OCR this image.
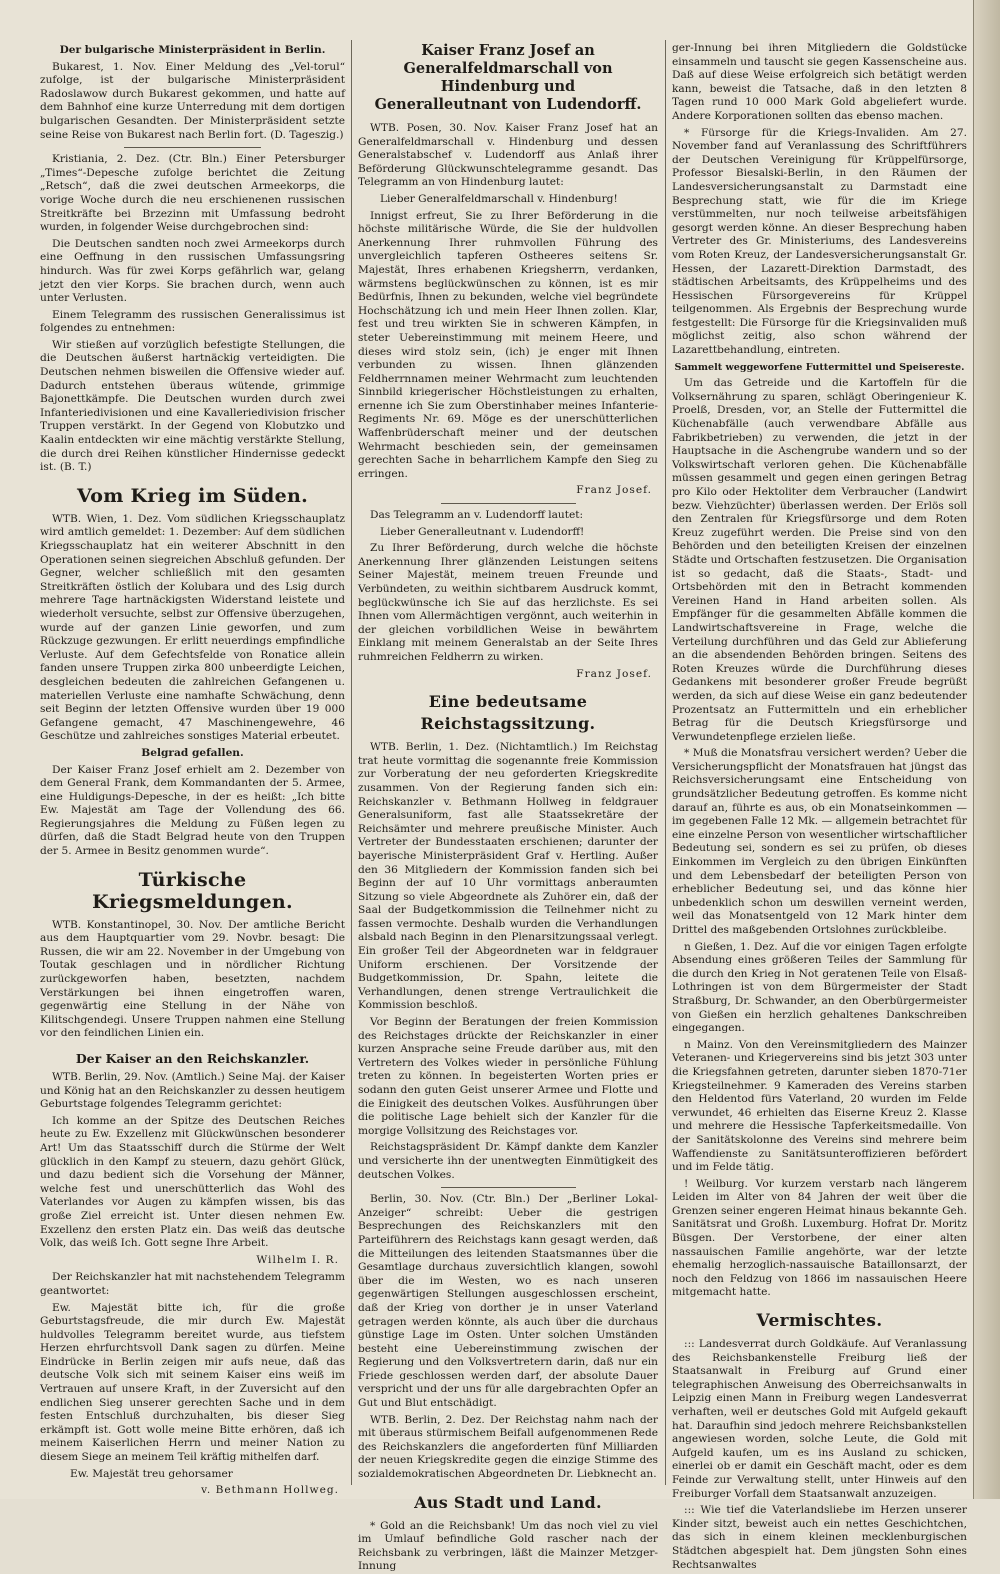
Der bulgarische Ministerpräsident in Berlin.

Bukarest, 1. Nov. Einer Meldung des „Vel-torul“ zufolge, ist der bulgarische Ministerpräsident Radoslawow durch Bukarest gekommen, und hatte auf dem Bahnhof eine kurze Unterredung mit dem dortigen bulgarischen Gesandten. Der Ministerpräsident setzte seine Reise von Bukarest nach Berlin fort. (D. Tageszig.)

Kristiania, 2. Dez. (Ctr. Bln.) Einer Petersburger „Times“-Depesche zufolge berichtet die Zeitung „Retsch“, daß die zwei deutschen Armeekorps, die vorige Woche durch die neu erschienenen russischen Streitkräfte bei Brzezinn mit Umfassung bedroht wurden, in folgender Weise durchgebrochen sind:

Die Deutschen sandten noch zwei Armeekorps durch eine Oeffnung in den russischen Umfassungsring hindurch. Was für zwei Korps gefährlich war, gelang jetzt den vier Korps. Sie brachen durch, wenn auch unter Verlusten.

Einem Telegramm des russischen Generalissimus ist folgendes zu entnehmen:

Wir stießen auf vorzüglich befestigte Stellungen, die die Deutschen äußerst hartnäckig verteidigten. Die Deutschen nehmen bisweilen die Offensive wieder auf. Dadurch entstehen überaus wütende, grimmige Bajonettkämpfe. Die Deutschen wurden durch zwei Infanteriedivisionen und eine Kavalleriedivision frischer Truppen verstärkt. In der Gegend von Klobutzko und Kaalin entdeckten wir eine mächtig verstärkte Stellung, die durch drei Reihen künstlicher Hindernisse gedeckt ist. (B. T.)

Vom Krieg im Süden.

WTB. Wien, 1. Dez. Vom südlichen Kriegsschauplatz wird amtlich gemeldet: 1. Dezember: Auf dem südlichen Kriegsschauplatz hat ein weiterer Abschnitt in den Operationen seinen siegreichen Abschluß gefunden. Der Gegner, welcher schließlich mit den gesamten Streitkräften östlich der Kolubara und des Lsig durch mehrere Tage hartnäckigsten Widerstand leistete und wiederholt versuchte, selbst zur Offensive überzugehen, wurde auf der ganzen Linie geworfen, und zum Rückzuge gezwungen. Er erlitt neuerdings empfindliche Verluste. Auf dem Gefechtsfelde von Ronatice allein fanden unsere Truppen zirka 800 unbeerdigte Leichen, desgleichen bedeuten die zahlreichen Gefangenen u. materiellen Verluste eine namhafte Schwächung, denn seit Beginn der letzten Offensive wurden über 19 000 Gefangene gemacht, 47 Maschinengewehre, 46 Geschütze und zahlreiches sonstiges Material erbeutet.

Belgrad gefallen.

Der Kaiser Franz Josef erhielt am 2. Dezember von dem General Frank, dem Kommandanten der 5. Armee, eine Huldigungs-Depesche, in der es heißt: „Ich bitte Ew. Majestät am Tage der Vollendung des 66. Regierungsjahres die Meldung zu Füßen legen zu dürfen, daß die Stadt Belgrad heute von den Truppen der 5. Armee in Besitz genommen wurde“.

Türkische Kriegsmeldungen.

WTB. Konstantinopel, 30. Nov. Der amtliche Bericht aus dem Hauptquartier vom 29. Novbr. besagt: Die Russen, die wir am 22. November in der Umgebung von Toutak geschlagen und in nördlicher Richtung zurückgeworfen haben, besetzten, nachdem Verstärkungen bei ihnen eingetroffen waren, gegenwärtig eine Stellung in der Nähe von Kilitschgendegi. Unsere Truppen nahmen eine Stellung vor den feindlichen Linien ein.

Der Kaiser an den Reichskanzler.

WTB. Berlin, 29. Nov. (Amtlich.) Seine Maj. der Kaiser und König hat an den Reichskanzler zu dessen heutigem Geburtstage folgendes Telegramm gerichtet:

Ich komme an der Spitze des Deutschen Reiches heute zu Ew. Exzellenz mit Glückwünschen besonderer Art! Um das Staatsschiff durch die Stürme der Welt glücklich in den Kampf zu steuern, dazu gehört Glück, und dazu bedient sich die Vorsehung der Männer, welche fest und unerschütterlich das Wohl des Vaterlandes vor Augen zu kämpfen wissen, bis das große Ziel erreicht ist. Unter diesen nehmen Ew. Exzellenz den ersten Platz ein. Das weiß das deutsche Volk, das weiß Ich. Gott segne Ihre Arbeit.

Wilhelm I. R.

Der Reichskanzler hat mit nachstehendem Telegramm geantwortet:

Ew. Majestät bitte ich, für die große Geburtstagsfreude, die mir durch Ew. Majestät huldvolles Telegramm bereitet wurde, aus tiefstem Herzen ehrfurchtsvoll Dank sagen zu dürfen. Meine Eindrücke in Berlin zeigen mir aufs neue, daß das deutsche Volk sich mit seinem Kaiser eins weiß im Vertrauen auf unsere Kraft, in der Zuversicht auf den endlichen Sieg unserer gerechten Sache und in dem festen Entschluß durchzuhalten, bis dieser Sieg erkämpft ist. Gott wolle meine Bitte erhören, daß ich meinem Kaiserlichen Herrn und meiner Nation zu diesem Siege an meinem Teil kräftig mithelfen darf.

Ew. Majestät treu gehorsamer

v. Bethmann Hollweg.

Kaiser Franz Josef an
Generalfeldmarschall von Hindenburg und
Generalleutnant von Ludendorff.

WTB. Posen, 30. Nov. Kaiser Franz Josef hat an Generalfeldmarschall v. Hindenburg und dessen Generalstabschef v. Ludendorff aus Anlaß ihrer Beförderung Glückwunschtelegramme gesandt. Das Telegramm an von Hindenburg lautet:

Lieber Generalfeldmarschall v. Hindenburg!

Innigst erfreut, Sie zu Ihrer Beförderung in die höchste militärische Würde, die Sie der huldvollen Anerkennung Ihrer ruhmvollen Führung des unvergleichlich tapferen Ostheeres seitens Sr. Majestät, Ihres erhabenen Kriegsherrn, verdanken, wärmstens beglückwünschen zu können, ist es mir Bedürfnis, Ihnen zu bekunden, welche viel begründete Hochschätzung ich und mein Heer Ihnen zollen. Klar, fest und treu wirkten Sie in schweren Kämpfen, in steter Uebereinstimmung mit meinem Heere, und dieses wird stolz sein, (ich) je enger mit Ihnen verbunden zu wissen. Ihnen glänzenden Feldherrnnamen meiner Wehrmacht zum leuchtenden Sinnbild kriegerischer Höchstleistungen zu erhalten, ernenne ich Sie zum Oberstinhaber meines Infanterie-Regiments Nr. 69. Möge es der unerschütterlichen Waffenbrüderschaft meiner und der deutschen Wehrmacht beschieden sein, der gemeinsamen gerechten Sache in beharrlichem Kampfe den Sieg zu erringen.

Franz Josef.

Das Telegramm an v. Ludendorff lautet:

Lieber Generalleutnant v. Ludendorff!

Zu Ihrer Beförderung, durch welche die höchste Anerkennung Ihrer glänzenden Leistungen seitens Seiner Majestät, meinem treuen Freunde und Verbündeten, zu weithin sichtbarem Ausdruck kommt, beglückwünsche ich Sie auf das herzlichste. Es sei Ihnen vom Allermächtigen vergönnt, auch weiterhin in der gleichen vorbildlichen Weise in bewährtem Einklang mit meinem Generalstab an der Seite Ihres ruhmreichen Feldherrn zu wirken.

Franz Josef.

Eine bedeutsame Reichstagssitzung.

WTB. Berlin, 1. Dez. (Nichtamtlich.) Im Reichstag trat heute vormittag die sogenannte freie Kommission zur Vorberatung der neu geforderten Kriegskredite zusammen. Von der Regierung fanden sich ein: Reichskanzler v. Bethmann Hollweg in feldgrauer Generalsuniform, fast alle Staatssekretäre der Reichsämter und mehrere preußische Minister. Auch Vertreter der Bundesstaaten erschienen; darunter der bayerische Ministerpräsident Graf v. Hertling. Außer den 36 Mitgliedern der Kommission fanden sich bei Beginn der auf 10 Uhr vormittags anberaumten Sitzung so viele Abgeordnete als Zuhörer ein, daß der Saal der Budgetkommission die Teilnehmer nicht zu fassen vermochte. Deshalb wurden die Verhandlungen alsbald nach Beginn in den Plenarsitzungssaal verlegt. Ein großer Teil der Abgeordneten war in feldgrauer Uniform erschienen. Der Vorsitzende der Budgetkommission, Dr. Spahn, leitete die Verhandlungen, denen strenge Vertraulichkeit die Kommission beschloß.

Vor Beginn der Beratungen der freien Kommission des Reichstages drückte der Reichskanzler in einer kurzen Ansprache seine Freude darüber aus, mit den Vertretern des Volkes wieder in persönliche Fühlung treten zu können. In begeisterten Worten pries er sodann den guten Geist unserer Armee und Flotte und die Einigkeit des deutschen Volkes. Ausführungen über die politische Lage behielt sich der Kanzler für die morgige Vollsitzung des Reichstages vor.

Reichstagspräsident Dr. Kämpf dankte dem Kanzler und versicherte ihn der unentwegten Einmütigkeit des deutschen Volkes.

Berlin, 30. Nov. (Ctr. Bln.) Der „Berliner Lokal-Anzeiger“ schreibt: Ueber die gestrigen Besprechungen des Reichskanzlers mit den Parteiführern des Reichstags kann gesagt werden, daß die Mitteilungen des leitenden Staatsmannes über die Gesamtlage durchaus zuversichtlich klangen, sowohl über die im Westen, wo es nach unseren gegenwärtigen Stellungen ausgeschlossen erscheint, daß der Krieg von dorther je in unser Vaterland getragen werden könnte, als auch über die durchaus günstige Lage im Osten. Unter solchen Umständen besteht eine Uebereinstimmung zwischen der Regierung und den Volksvertretern darin, daß nur ein Friede geschlossen werden darf, der absolute Dauer verspricht und der uns für alle dargebrachten Opfer an Gut und Blut entschädigt.

WTB. Berlin, 2. Dez. Der Reichstag nahm nach der mit überaus stürmischem Beifall aufgenommenen Rede des Reichskanzlers die angeforderten fünf Milliarden der neuen Kriegskredite gegen die einzige Stimme des sozialdemokratischen Abgeordneten Dr. Liebknecht an.

Aus Stadt und Land.

* Gold an die Reichsbank! Um das noch viel zu viel im Umlauf befindliche Gold rascher nach der Reichsbank zu verbringen, läßt die Mainzer Metzger-Innung

ger-Innung bei ihren Mitgliedern die Goldstücke einsammeln und tauscht sie gegen Kassenscheine aus. Daß auf diese Weise erfolgreich sich betätigt werden kann, beweist die Tatsache, daß in den letzten 8 Tagen rund 10 000 Mark Gold abgeliefert wurde. Andere Korporationen sollten das ebenso machen.

* Fürsorge für die Kriegs-Invaliden. Am 27. November fand auf Veranlassung des Schriftführers der Deutschen Vereinigung für Krüppelfürsorge, Professor Biesalski-Berlin, in den Räumen der Landesversicherungsanstalt zu Darmstadt eine Besprechung statt, wie für die im Kriege verstümmelten, nur noch teilweise arbeitsfähigen gesorgt werden könne. An dieser Besprechung haben Vertreter des Gr. Ministeriums, des Landesvereins vom Roten Kreuz, der Landesversicherungsanstalt Gr. Hessen, der Lazarett-Direktion Darmstadt, des städtischen Arbeitsamts, des Krüppelheims und des Hessischen Fürsorgevereins für Krüppel teilgenommen. Als Ergebnis der Besprechung wurde festgestellt: Die Fürsorge für die Kriegsinvaliden muß möglichst zeitig, also schon während der Lazarettbehandlung, eintreten.

Sammelt weggeworfene Futtermittel und Speisereste.

Um das Getreide und die Kartoffeln für die Volksernährung zu sparen, schlägt Oberingenieur K. Proelß, Dresden, vor, an Stelle der Futtermittel die Küchenabfälle (auch verwendbare Abfälle aus Fabrikbetrieben) zu verwenden, die jetzt in der Hauptsache in die Aschengrube wandern und so der Volkswirtschaft verloren gehen. Die Küchenabfälle müssen gesammelt und gegen einen geringen Betrag pro Kilo oder Hektoliter dem Verbraucher (Landwirt bezw. Viehzüchter) überlassen werden. Der Erlös soll den Zentralen für Kriegsfürsorge und dem Roten Kreuz zugeführt werden. Die Preise sind von den Behörden und den beteiligten Kreisen der einzelnen Städte und Ortschaften festzusetzen. Die Organisation ist so gedacht, daß die Staats-, Stadt- und Ortsbehörden mit den in Betracht kommenden Vereinen Hand in Hand arbeiten sollen. Als Empfänger für die gesammelten Abfälle kommen die Landwirtschaftsvereine in Frage, welche die Verteilung durchführen und das Geld zur Ablieferung an die absendenden Behörden bringen. Seitens des Roten Kreuzes würde die Durchführung dieses Gedankens mit besonderer großer Freude begrüßt werden, da sich auf diese Weise ein ganz bedeutender Prozentsatz an Futtermitteln und ein erheblicher Betrag für die Deutsch Kriegsfürsorge und Verwundetenpflege erzielen ließe.

* Muß die Monatsfrau versichert werden? Ueber die Versicherungspflicht der Monatsfrauen hat jüngst das Reichsversicherungsamt eine Entscheidung von grundsätzlicher Bedeutung getroffen. Es komme nicht darauf an, führte es aus, ob ein Monatseinkommen — im gegebenen Falle 12 Mk. — allgemein betrachtet für eine einzelne Person von wesentlicher wirtschaftlicher Bedeutung sei, sondern es sei zu prüfen, ob dieses Einkommen im Vergleich zu den übrigen Einkünften und dem Lebensbedarf der beteiligten Person von erheblicher Bedeutung sei, und das könne hier unbedenklich schon um deswillen verneint werden, weil das Monatsentgeld von 12 Mark hinter dem Drittel des maßgebenden Ortslohnes zurückbleibe.

n Gießen, 1. Dez. Auf die vor einigen Tagen erfolgte Absendung eines größeren Teiles der Sammlung für die durch den Krieg in Not geratenen Teile von Elsaß-Lothringen ist von dem Bürgermeister der Stadt Straßburg, Dr. Schwander, an den Oberbürgermeister von Gießen ein herzlich gehaltenes Dankschreiben eingegangen.

n Mainz. Von den Vereinsmitgliedern des Mainzer Veteranen- und Kriegervereins sind bis jetzt 303 unter die Kriegsfahnen getreten, darunter sieben 1870-71er Kriegsteilnehmer. 9 Kameraden des Vereins starben den Heldentod fürs Vaterland, 20 wurden im Felde verwundet, 46 erhielten das Eiserne Kreuz 2. Klasse und mehrere die Hessische Tapferkeitsmedaille. Von der Sanitätskolonne des Vereins sind mehrere beim Waffendienste zu Sanitätsunteroffizieren befördert und im Felde tätig.

! Weilburg. Vor kurzem verstarb nach längerem Leiden im Alter von 84 Jahren der weit über die Grenzen seiner engeren Heimat hinaus bekannte Geh. Sanitätsrat und Großh. Luxemburg. Hofrat Dr. Moritz Büsgen. Der Verstorbene, der einer alten nassauischen Familie angehörte, war der letzte ehemalig herzoglich-nassauische Bataillonsarzt, der noch den Feldzug von 1866 im nassauischen Heere mitgemacht hatte.

Vermischtes.

::: Landesverrat durch Goldkäufe. Auf Veranlassung des Reichsbankenstelle Freiburg ließ der Staatsanwalt in Freiburg auf Grund einer telegraphischen Anweisung des Oberreichsanwalts in Leipzig einen Mann in Freiburg wegen Landesverrat verhaften, weil er deutsches Gold mit Aufgeld gekauft hat. Daraufhin sind jedoch mehrere Reichsbankstellen angewiesen worden, solche Leute, die Gold mit Aufgeld kaufen, um es ins Ausland zu schicken, einerlei ob er damit ein Geschäft macht, oder es dem Feinde zur Verwaltung stellt, unter Hinweis auf den Freiburger Vorfall dem Staatsanwalt anzuzeigen.

::: Wie tief die Vaterlandsliebe im Herzen unserer Kinder sitzt, beweist auch ein nettes Geschichtchen, das sich in einem kleinen mecklenburgischen Städtchen abgespielt hat. Dem jüngsten Sohn eines Rechtsanwaltes
